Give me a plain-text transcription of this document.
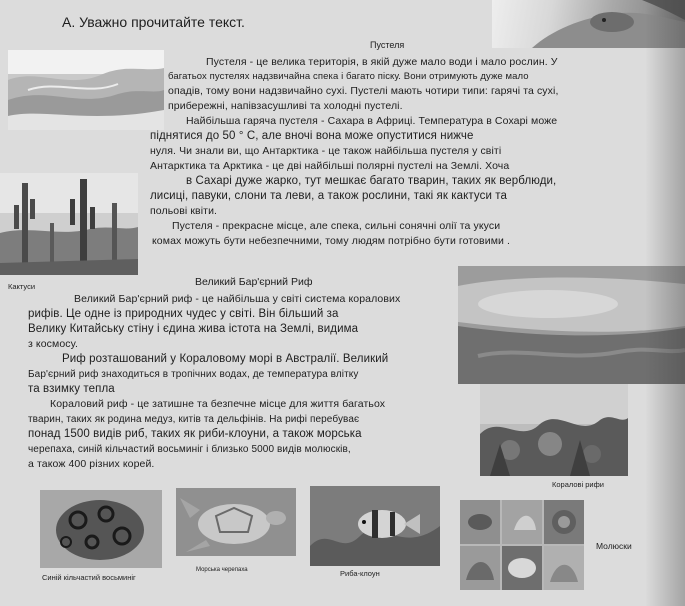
А. Уважно прочитайте текст.
Пустеля
Пустеля - це велика територія, в якій дуже мало води і мало рослин. У
багатьох пустелях надзвичайна спека і багато піску. Вони отримують дуже мало
опадів, тому вони надзвичайно сухі. Пустелі мають чотири типи: гарячі та сухі,
прибережні, напівзасушливі та холодні пустелі.
Найбільша гаряча пустеля - Сахара в Африці. Температура в Сохарі може
піднятися до 50 ° С, але вночі вона може опуститися нижче
нуля. Чи знали ви, що Антарктика - це також найбільша пустеля у світі
Антарктика та Арктика - це дві найбільші полярні пустелі на Землі. Хоча
в Сахарі дуже жарко, тут мешкає багато тварин, таких як верблюди,
лисиці, павуки, слони та леви, а також рослини, такі як кактуси та
польові квіти.
Пустеля - прекрасне місце, але спека, сильні сонячні олії та укуси
комах можуть бути небезпечними, тому людям потрібно бути готовими .
Кактуси	Великий Бар'єрний Риф
Великий Бар'єрний риф - це найбільша у світі система коралових
рифів. Це одне із природних чудес у світі. Він більший за
Велику Китайську стіну і єдина жива істота на Землі, видима
з космосу.
Риф розташований у Кораловому морі в Австралії. Великий
Бар'єрний риф знаходиться в тропічних водах, де температура влітку
та взимку тепла
Кораловий риф - це затишне та безпечне місце для життя багатьох
тварин, таких як родина медуз, китів та дельфінів. На рифі перебуває
понад 1500 видів риб, таких як риби-клоуни, а також морська
черепаха, синій кільчастий восьминіг і близько 5000 видів молюсків,
а також 400 різних корей.
Коралові рифи
Синій кільчастий восьминіг
Морська черепаха	Риба-клоун
Молюски
